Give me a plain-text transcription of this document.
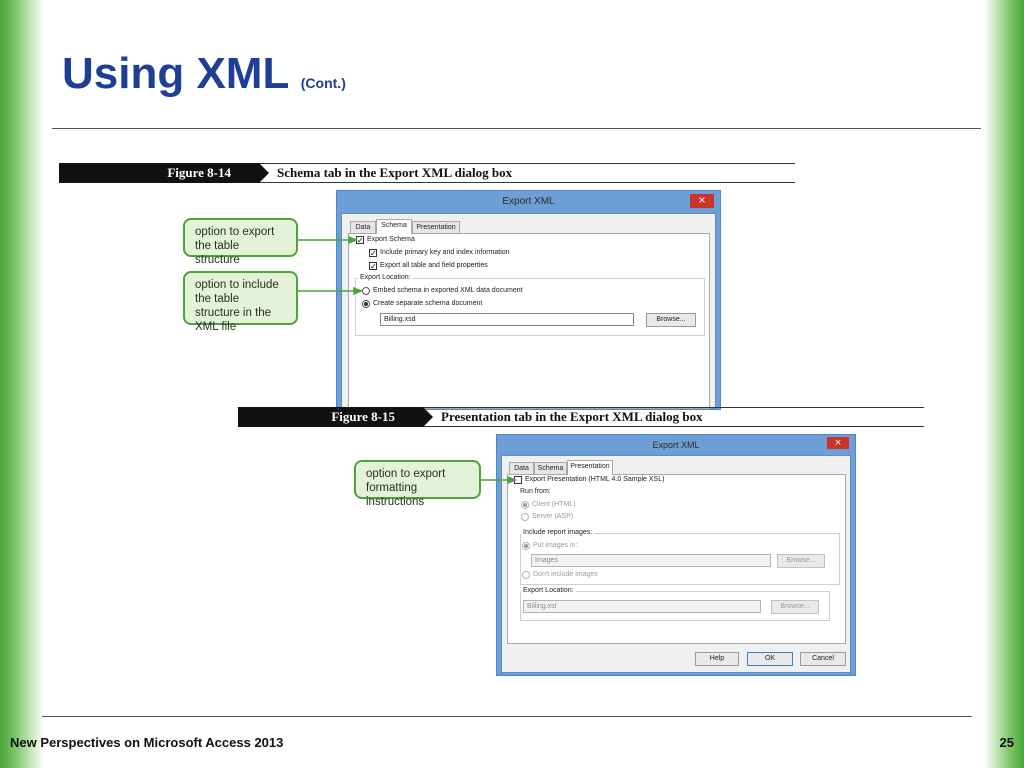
Using XML (Cont.)
Figure 8-14	Schema tab in the Export XML dialog box
Export XML	×
Data	Schema	Presentation
✓ Export Schema
✓ Include primary key and index information
✓ Export all table and field properties
Export Location:
Embed schema in exported XML data document
Create separate schema document
Billing.xsd	Browse...
option to export the table structure
option to include the table structure in the XML file
Figure 8-15	Presentation tab in the Export XML dialog box
Export XML	×
Data	Schema	Presentation
Export Presentation (HTML 4.0 Sample XSL)
Run from:
Client (HTML)
Server (ASP)
Include report images:
Put images in:
Images	Browse...
Don't include images
Export Location:
Billing.xsl	Browse...
Help	OK	Cancel
option to export formatting instructions
New Perspectives on Microsoft Access 2013	25
